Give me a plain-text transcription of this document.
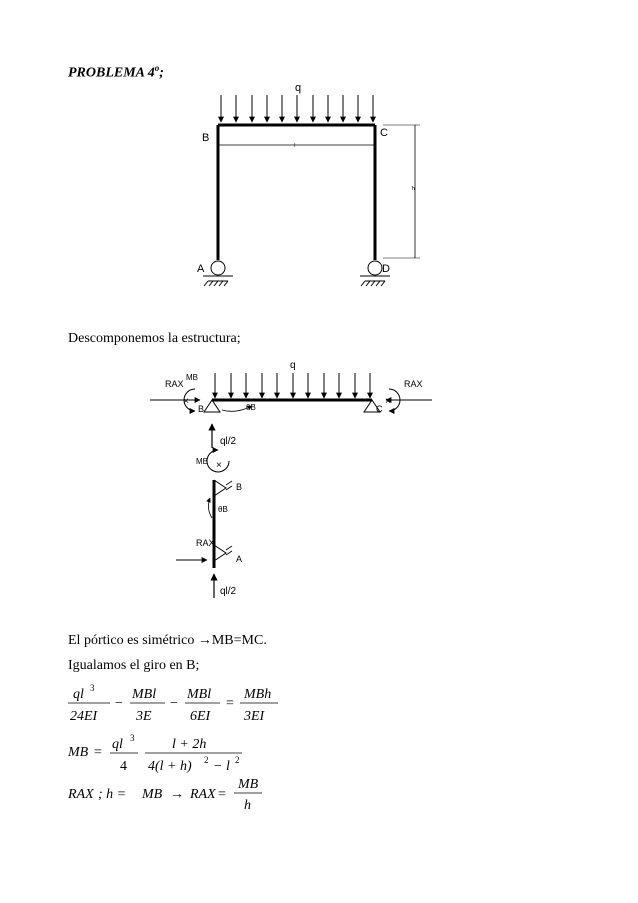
PROBLEMA 4$^o$;
q
B	C
A	D
l
h
Descomponemos la estructura;
×	×
×
q
RAX	RAX
MB
B	C
θB
ql/2
MB
B
θB
RAX
A
ql/2
El pórtico es simétrico →MB=MC.
Igualamos el giro en B;
ql 3
24EI
−
MBl
3E
−
MBl
6EI
=
MBh
3EI
MB =
ql 3
4
l + 2h
4(l + h) 2 − l 2
RAX ; h = MB → RAX =
MB
h
